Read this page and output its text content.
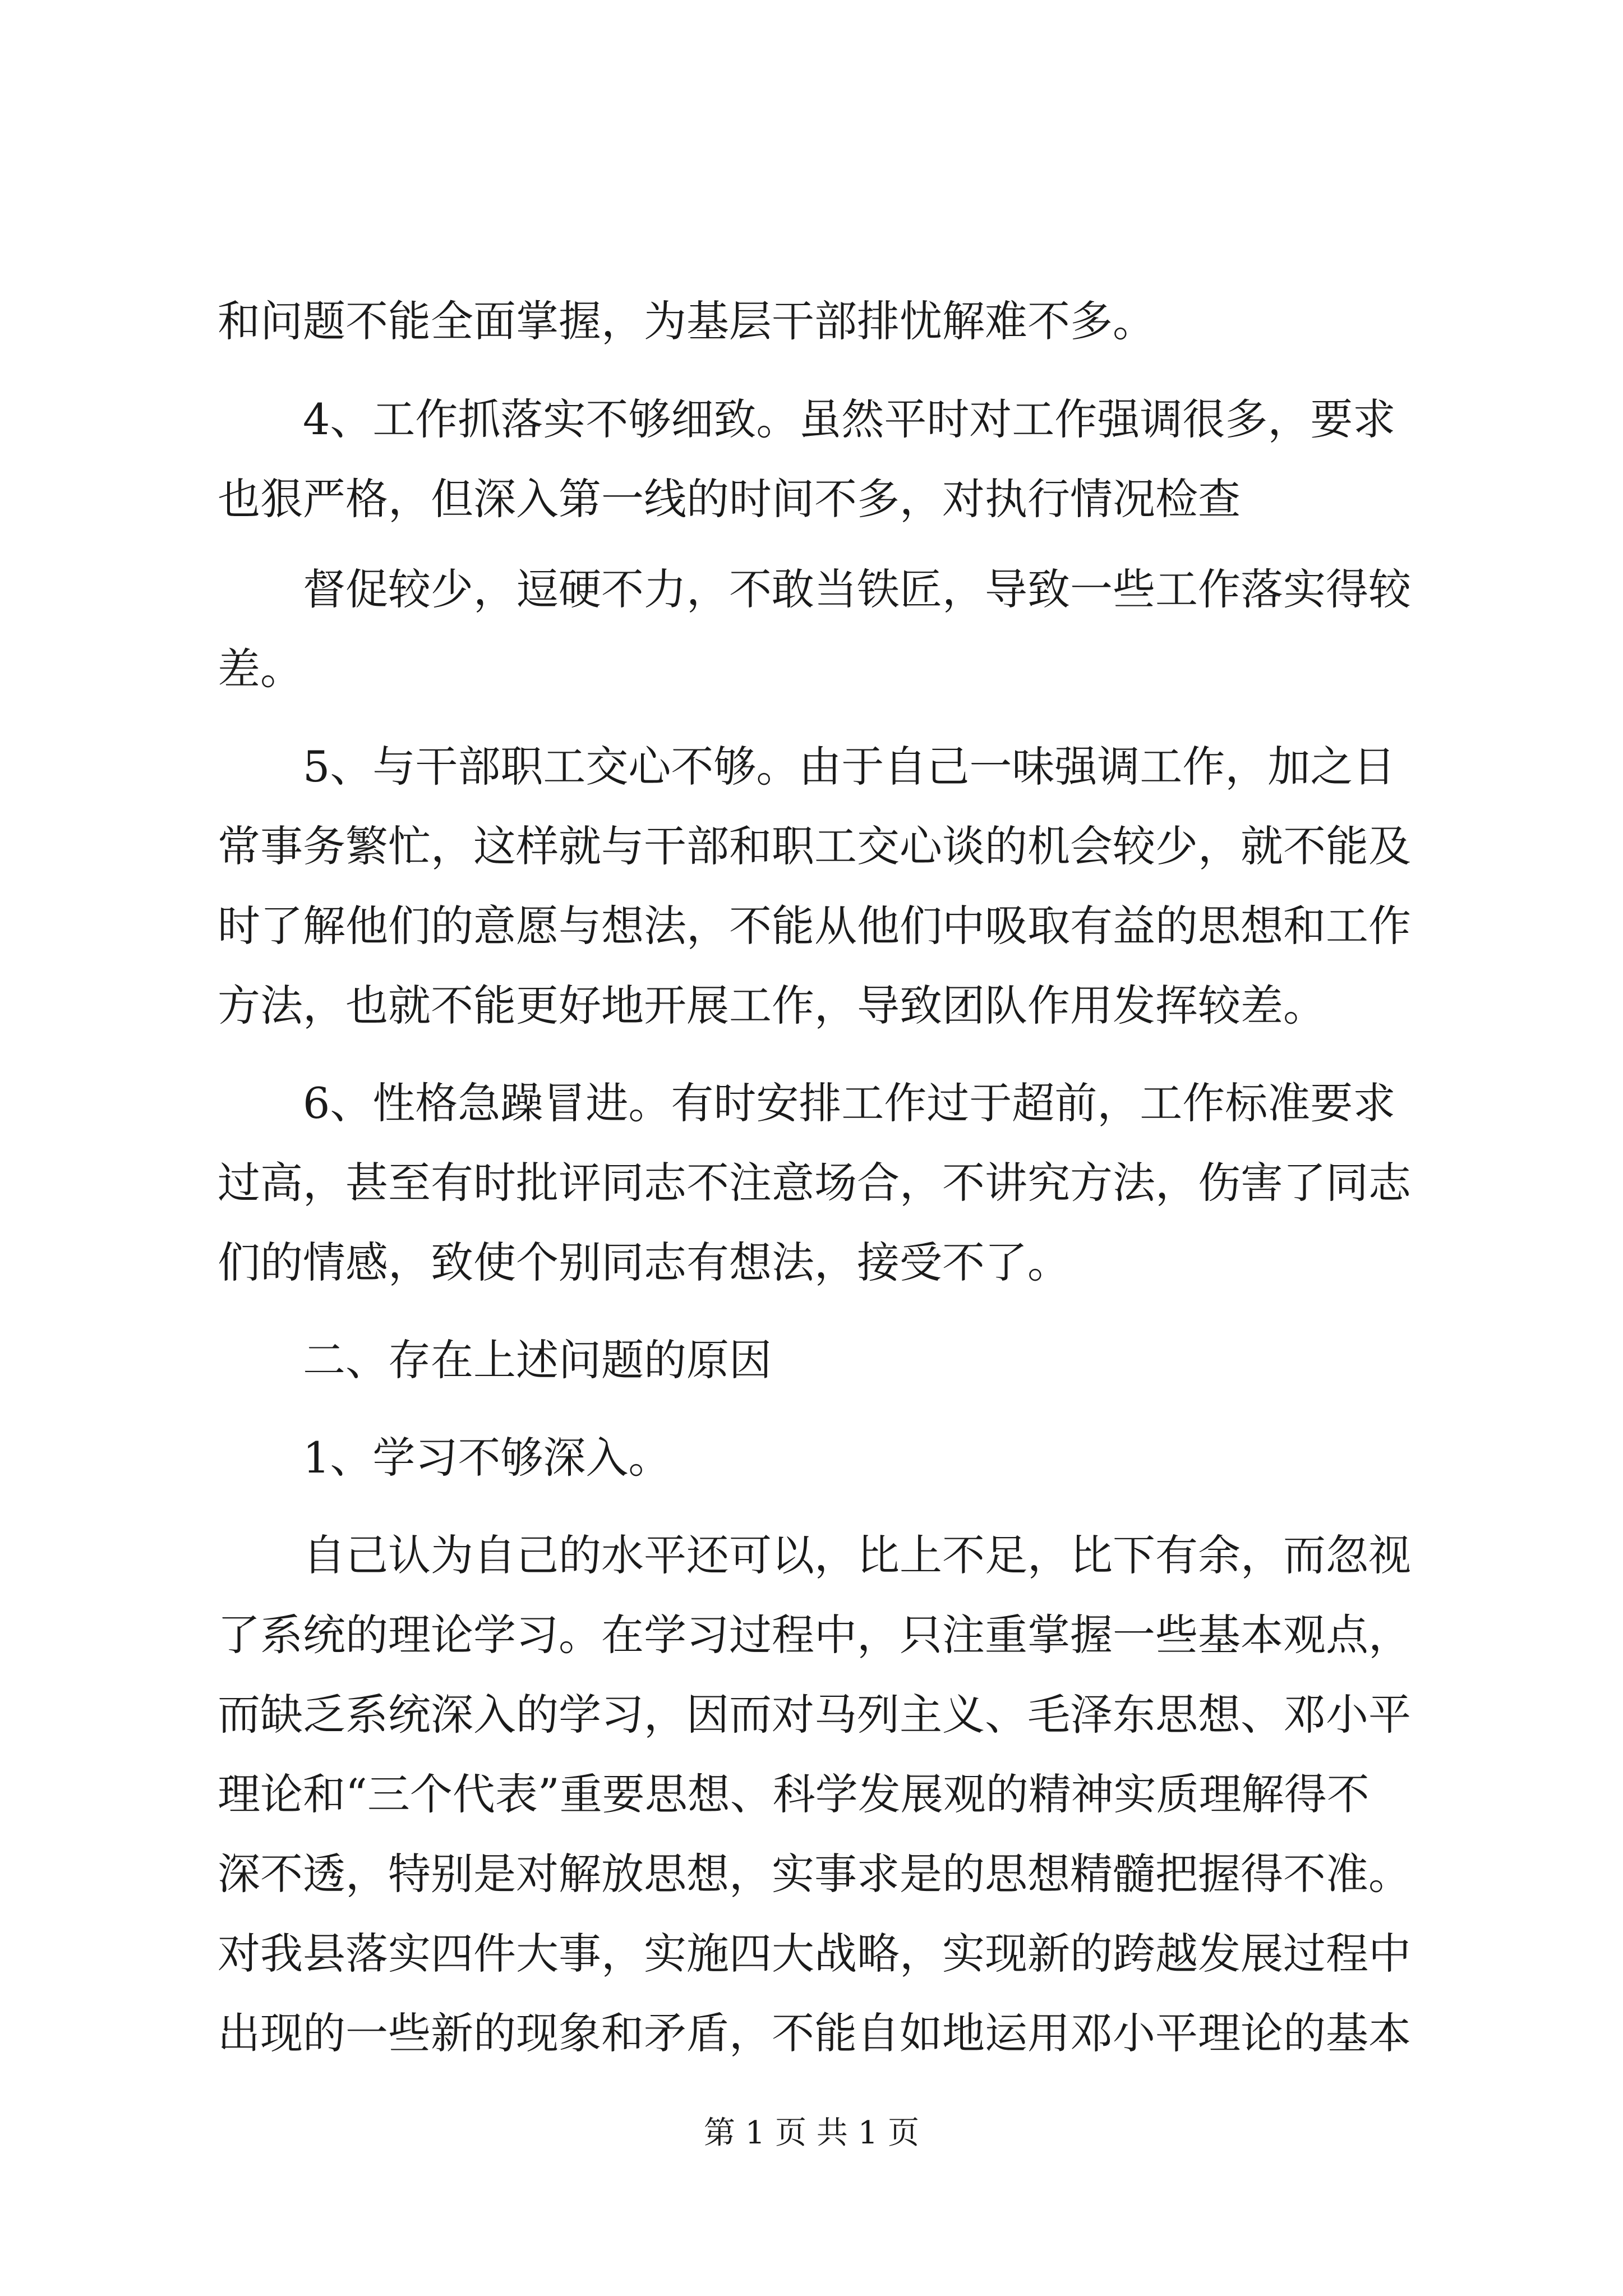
和问题不能全面掌握，为基层干部排忧解难不多。
4、工作抓落实不够细致。虽然平时对工作强调很多，要求
也狠严格，但深入第一线的时间不多，对执行情况检查
督促较少，逗硬不力，不敢当铁匠，导致一些工作落实得较
差。
5、与干部职工交心不够。由于自己一味强调工作，加之日
常事务繁忙，这样就与干部和职工交心谈的机会较少，就不能及
时了解他们的意愿与想法，不能从他们中吸取有益的思想和工作
方法，也就不能更好地开展工作，导致团队作用发挥较差。
6、性格急躁冒进。有时安排工作过于超前，工作标准要求
过高，甚至有时批评同志不注意场合，不讲究方法，伤害了同志
们的情感，致使个别同志有想法，接受不了。
二、存在上述问题的原因
1、学习不够深入。
自己认为自己的水平还可以，比上不足，比下有余，而忽视
了系统的理论学习。在学习过程中，只注重掌握一些基本观点，
而缺乏系统深入的学习，因而对马列主义、毛泽东思想、邓小平
理论和“三个代表”重要思想、科学发展观的精神实质理解得不
深不透，特别是对解放思想，实事求是的思想精髓把握得不准。
对我县落实四件大事，实施四大战略，实现新的跨越发展过程中
出现的一些新的现象和矛盾，不能自如地运用邓小平理论的基本
第 1 页 共 1 页
